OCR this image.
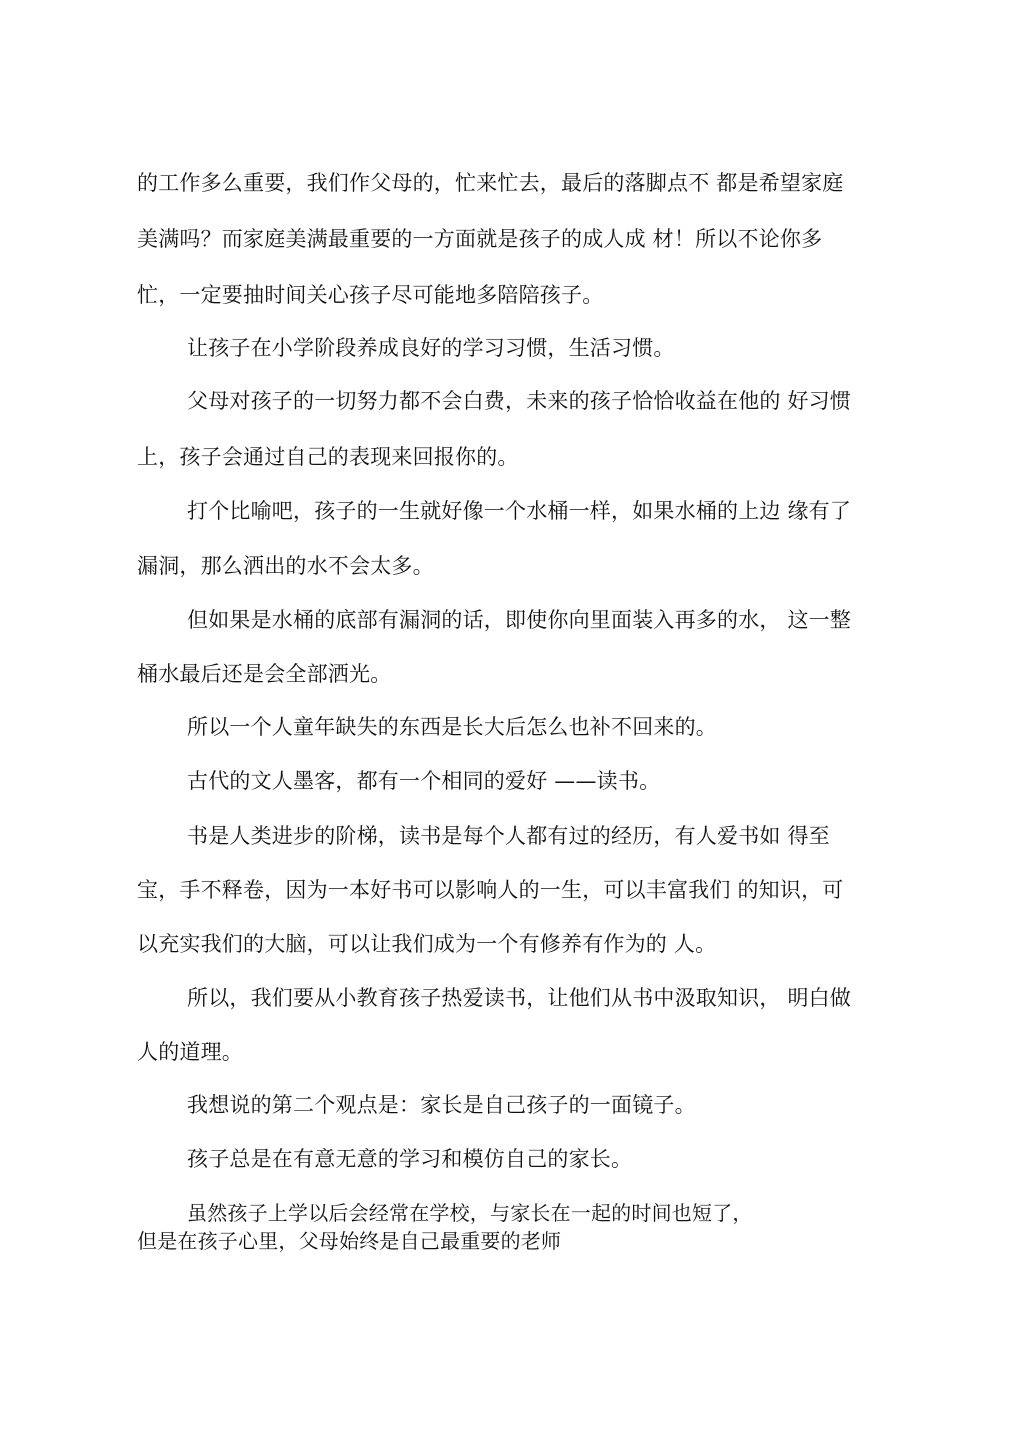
的工作多么重要，我们作父母的，忙来忙去，最后的落脚点不 都是希望家庭
美满吗？而家庭美满最重要的一方面就是孩子的成人成 材！所以不论你多
忙，一定要抽时间关心孩子尽可能地多陪陪孩子。
让孩子在小学阶段养成良好的学习习惯，生活习惯。
父母对孩子的一切努力都不会白费，未来的孩子恰恰收益在他的 好习惯
上，孩子会通过自己的表现来回报你的。
打个比喻吧，孩子的一生就好像一个水桶一样，如果水桶的上边 缘有了
漏洞，那么洒出的水不会太多。
但如果是水桶的底部有漏洞的话，即使你向里面装入再多的水， 这一整
桶水最后还是会全部洒光。
所以一个人童年缺失的东西是长大后怎么也补不回来的。
古代的文人墨客，都有一个相同的爱好 ——读书。
书是人类进步的阶梯，读书是每个人都有过的经历，有人爱书如 得至
宝，手不释卷，因为一本好书可以影响人的一生，可以丰富我们 的知识，可
以充实我们的大脑，可以让我们成为一个有修养有作为的 人。
所以，我们要从小教育孩子热爱读书，让他们从书中汲取知识， 明白做
人的道理。
我想说的第二个观点是：家长是自己孩子的一面镜子。
孩子总是在有意无意的学习和模仿自己的家长。
虽然孩子上学以后会经常在学校，与家长在一起的时间也短了，
但是在孩子心里，父母始终是自己最重要的老师
